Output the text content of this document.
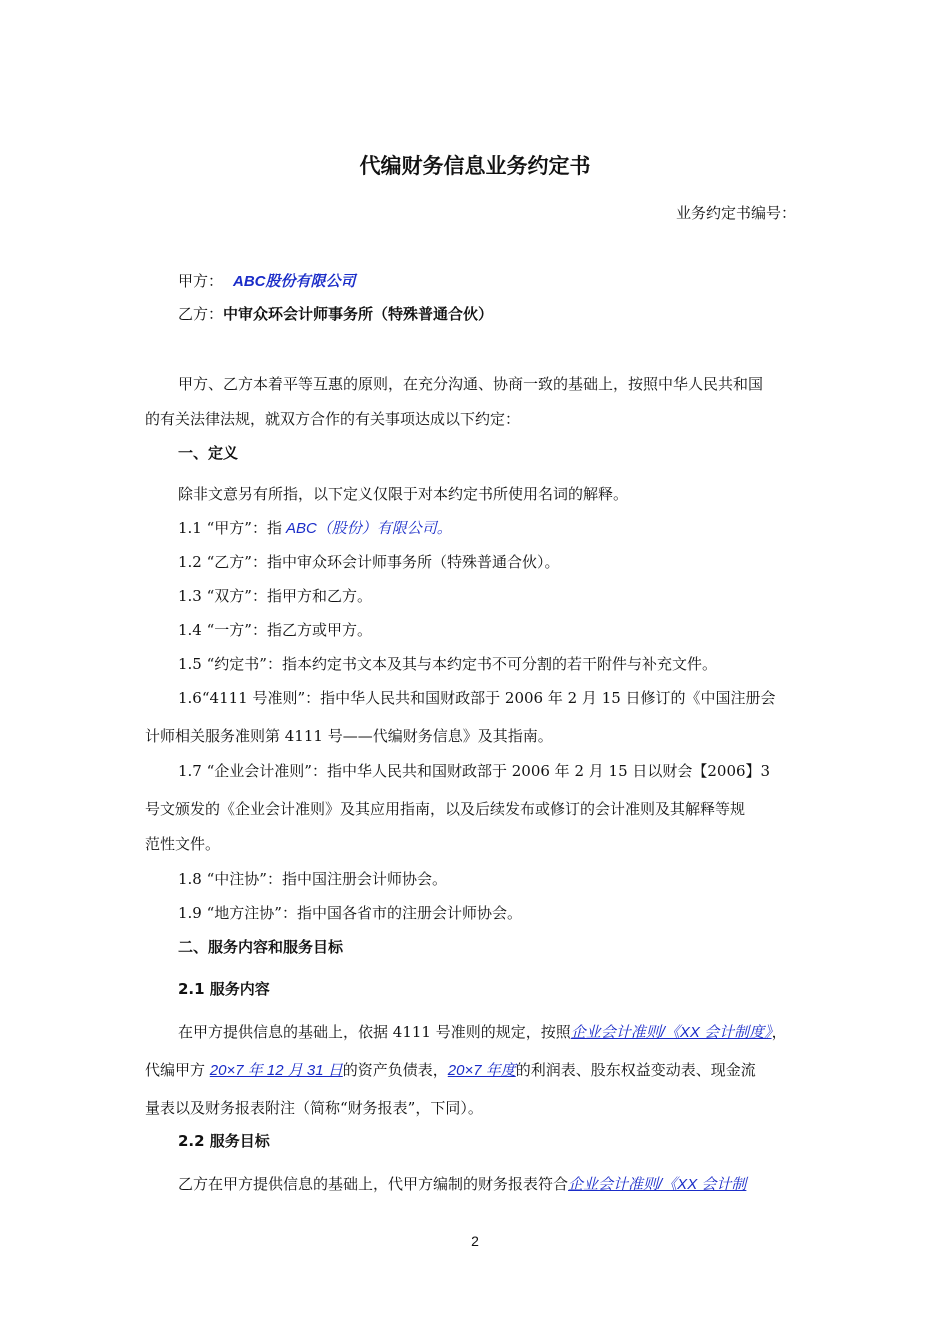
代编财务信息业务约定书
业务约定书编号：
甲方： ABC股份有限公司
乙方：中审众环会计师事务所（特殊普通合伙）
甲方、乙方本着平等互惠的原则，在充分沟通、协商一致的基础上，按照中华人民共和国
的有关法律法规，就双方合作的有关事项达成以下约定：
一、定义
除非文意另有所指，以下定义仅限于对本约定书所使用名词的解释。
1.1 “甲方”：指 ABC（股份）有限公司。
1.2 “乙方”：指中审众环会计师事务所（特殊普通合伙）。
1.3 “双方”：指甲方和乙方。
1.4 “一方”：指乙方或甲方。
1.5 “约定书”：指本约定书文本及其与本约定书不可分割的若干附件与补充文件。
1.6“4111 号准则”：指中华人民共和国财政部于 2006 年 2 月 15 日修订的《中国注册会
计师相关服务准则第 4111 号——代编财务信息》及其指南。
1.7 “企业会计准则”：指中华人民共和国财政部于 2006 年 2 月 15 日以财会【2006】3
号文颁发的《企业会计准则》及其应用指南，以及后续发布或修订的会计准则及其解释等规
范性文件。
1.8 “中注协”：指中国注册会计师协会。
1.9 “地方注协”：指中国各省市的注册会计师协会。
二、服务内容和服务目标
2.1 服务内容
在甲方提供信息的基础上，依据 4111 号准则的规定，按照企业会计准则/《XX 会计制度》，
代编甲方 20×7 年 12 月 31 日的资产负债表，20×7 年度的利润表、股东权益变动表、现金流
量表以及财务报表附注（简称“财务报表”，下同）。
2.2 服务目标
乙方在甲方提供信息的基础上，代甲方编制的财务报表符合企业会计准则/《XX 会计制
2
